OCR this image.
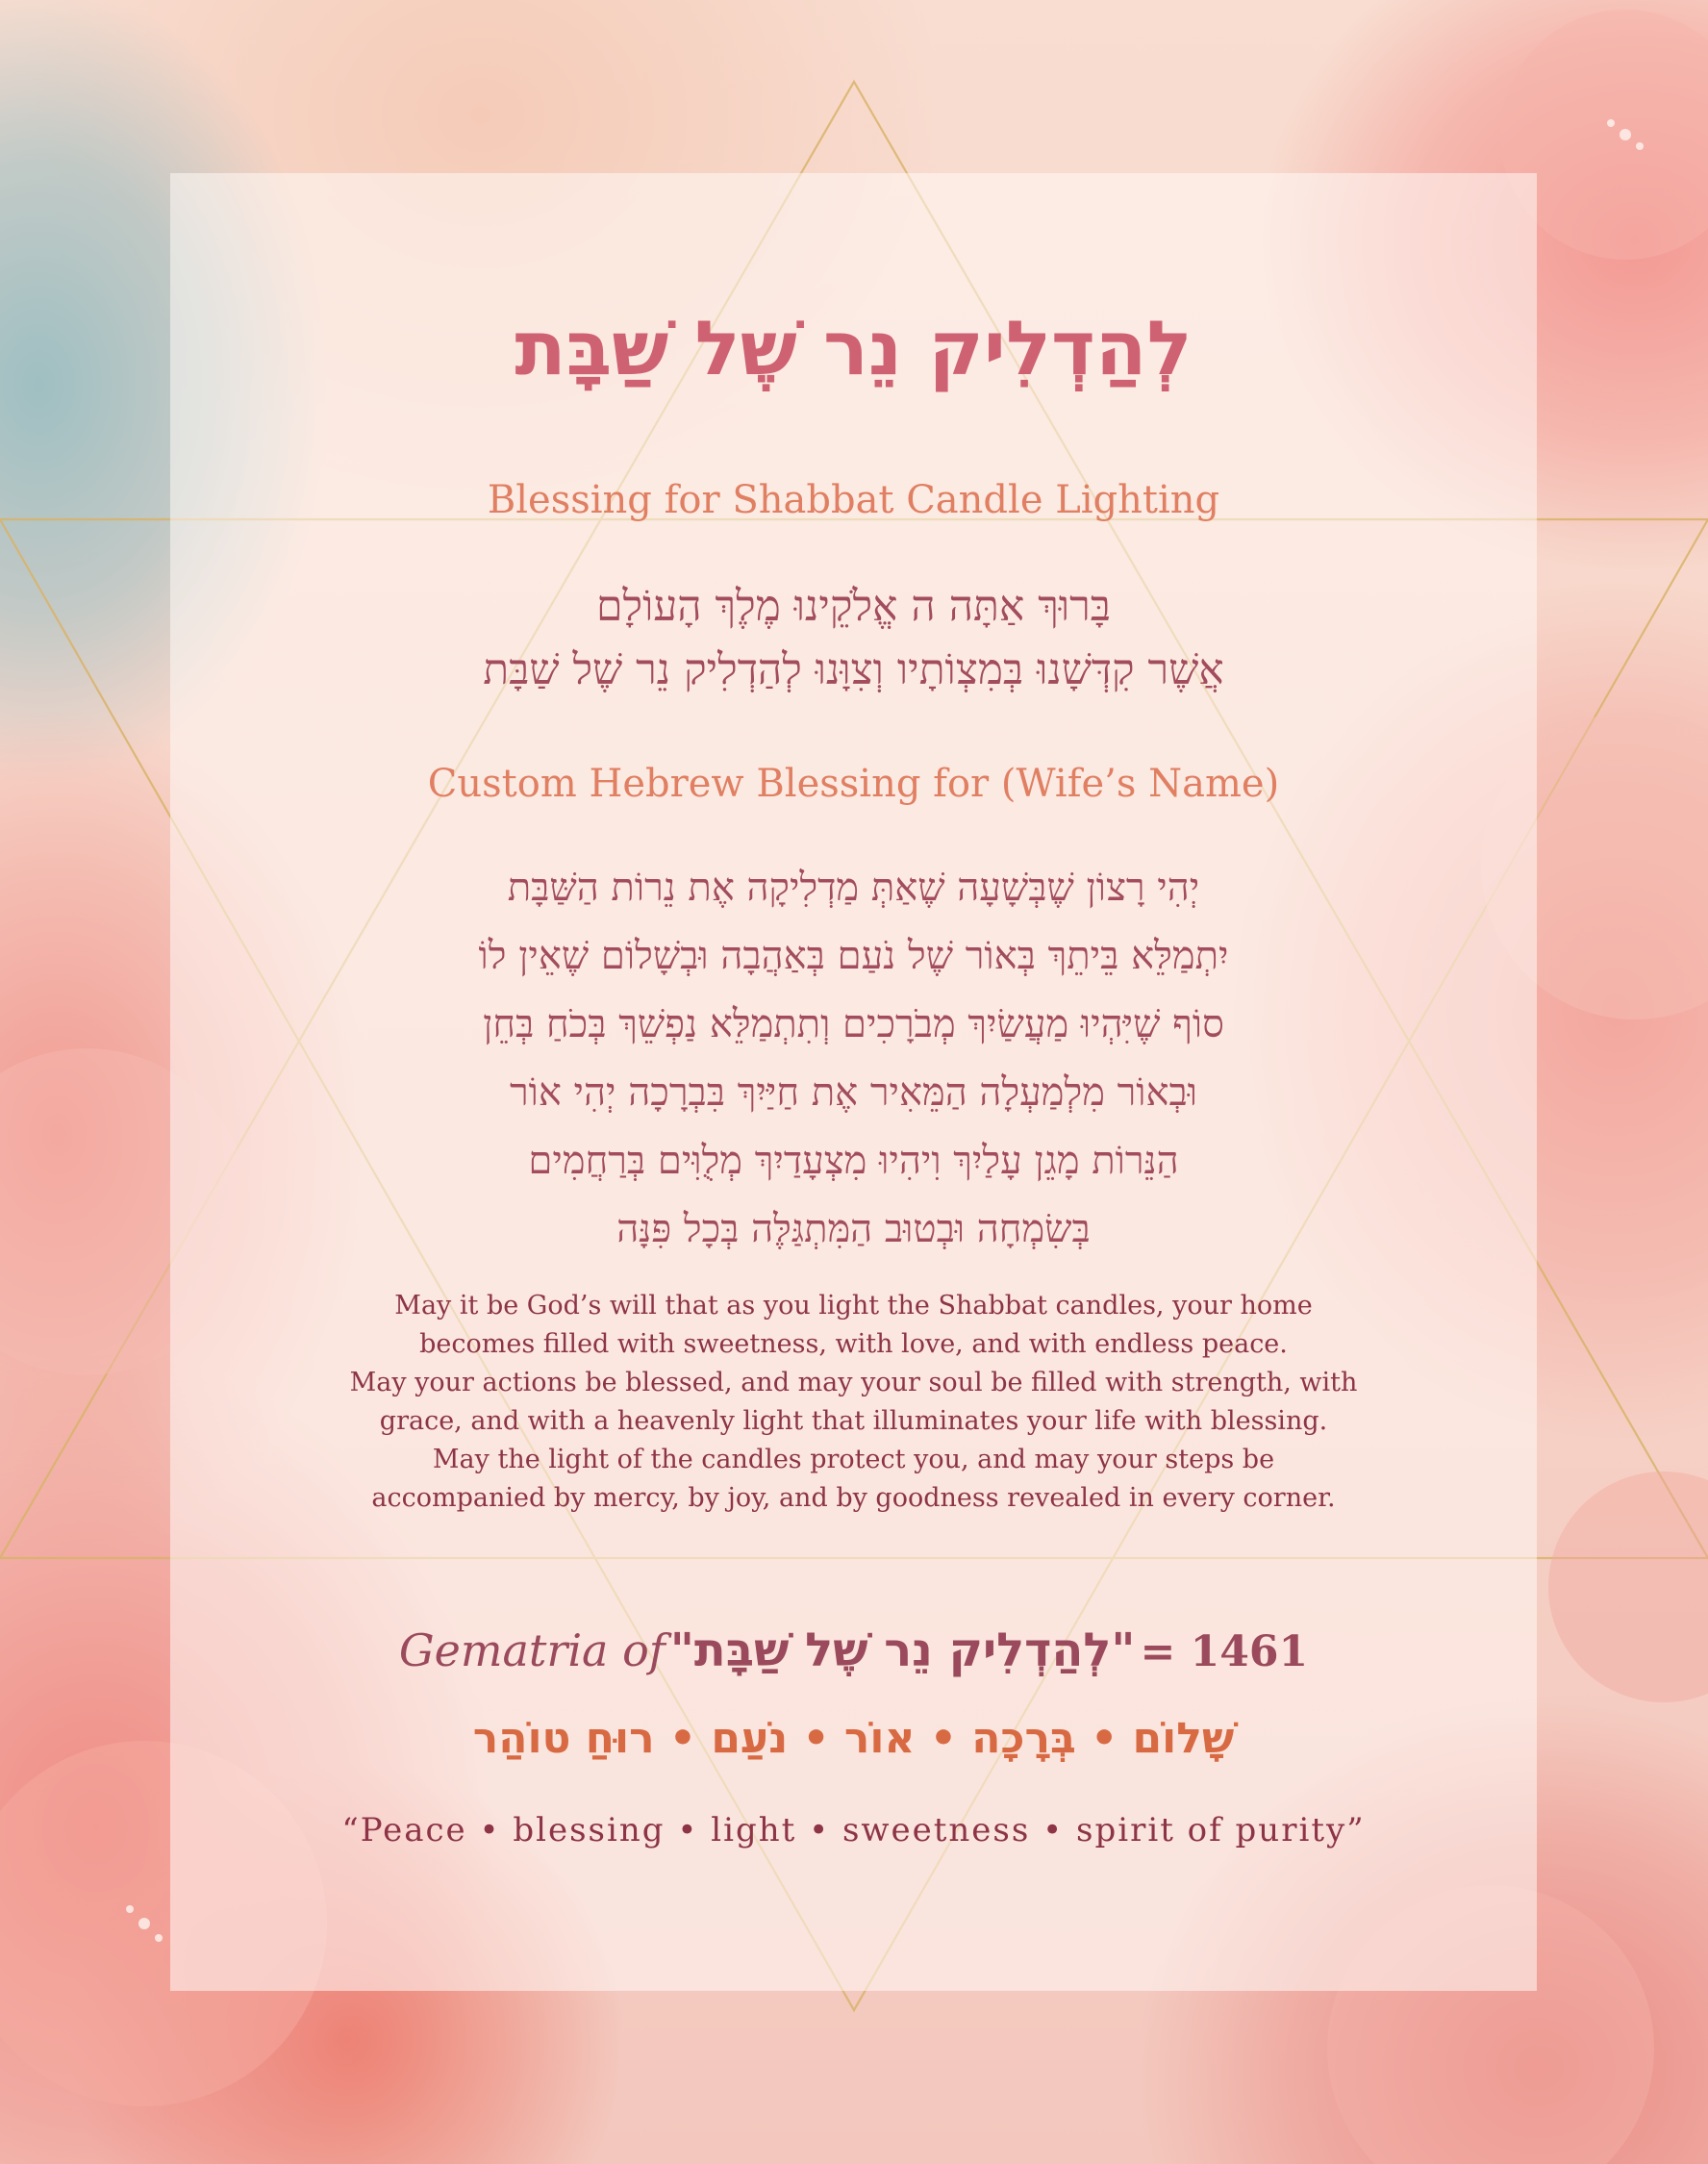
לְהַדְלִיק נֵר שֶׁל שַׁבָּת
Blessing for Shabbat Candle Lighting
בָּרוּךְ אַתָּה ה אֱלֹקֵינוּ מֶלֶךְ הָעוֹלָם
אֲשֶׁר קִדְּשָׁנוּ בְּמִצְוֹתָיו וְצִוָּנוּ לְהַדְלִיק נֵר שֶׁל שַׁבָּת
Custom Hebrew Blessing for (Wife’s Name)
יְהִי רָצוֹן שֶׁבְּשָׁעָה שֶׁאַתְּ מַדְלִיקָה אֶת נֵרוֹת הַשַּׁבָּת
יִתְמַלֵּא בֵּיתֵךְ בְּאוֹר שֶׁל נֹעַם בְּאַהֲבָה וּבְשָׁלוֹם שֶׁאֵין לוֹ
סוֹף שֶׁיִּהְיוּ מַעֲשַׂיִךְ מְבֹרָכִים וְתִתְמַלֵּא נַפְשֵׁךְ בְּכֹחַ בְּחֵן
וּבְאוֹר מִלְמַעְלָה הַמֵּאִיר אֶת חַיַּיִךְ בִּבְרָכָה יְהִי אוֹר
הַנֵּרוֹת מָגֵן עָלַיִךְ וִיהִיוּ מִצְעָדַיִךְ מְלֻוִּים בְּרַחֲמִים
בְּשִׂמְחָה וּבְטוּב הַמִּתְגַּלֶּה בְּכָל פִּנָּה
May it be God’s will that as you light the Shabbat candles, your home
becomes filled with sweetness, with love, and with endless peace.
May your actions be blessed, and may your soul be filled with strength, with
grace, and with a heavenly light that illuminates your life with blessing.
May the light of the candles protect you, and may your steps be
accompanied by mercy, by joy, and by goodness revealed in every corner.
Gematria of "לְהַדְלִיק נֵר שֶׁל שַׁבָּת" = 1461
שָׁלוֹם • בְּרָכָה • אוֹר • נֹעַם • רוּחַ טוֹהַר
“Peace • blessing • light • sweetness • spirit of purity”
